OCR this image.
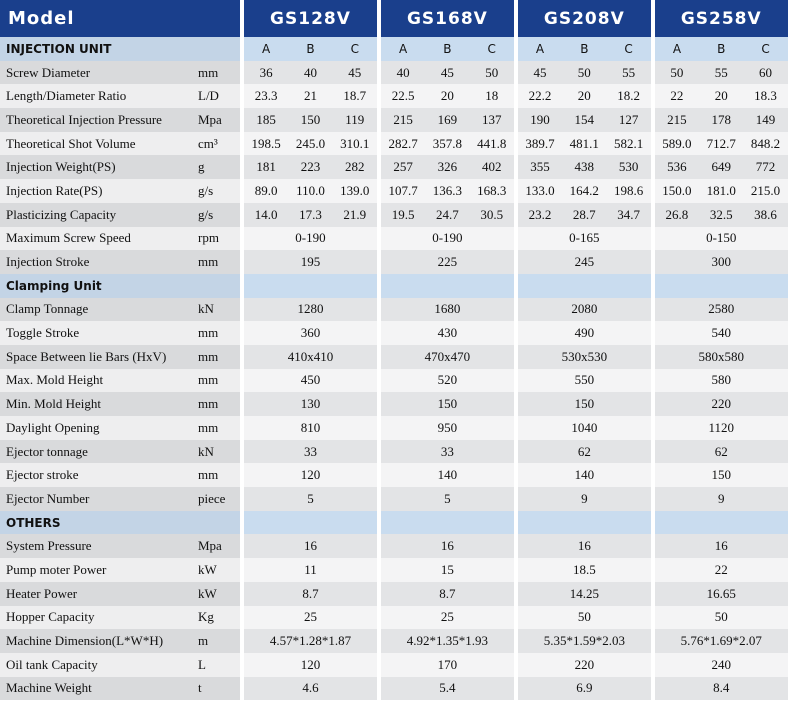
Model			GS128V				GS168V				GS208V				GS258V		
INJECTION UNIT			A	B	C		A	B	C		A	B	C		A	B	C
Screw Diameter	mm		36	40	45		40	45	50		45	50	55		50	55	60
Length/Diameter Ratio	L/D		23.3	21	18.7		22.5	20	18		22.2	20	18.2		22	20	18.3
Theoretical Injection Pressure	Mpa		185	150	119		215	169	137		190	154	127		215	178	149
Theoretical Shot Volume	cm³		198.5	245.0	310.1		282.7	357.8	441.8		389.7	481.1	582.1		589.0	712.7	848.2
Injection Weight(PS)	g		181	223	282		257	326	402		355	438	530		536	649	772
Injection Rate(PS)	g/s		89.0	110.0	139.0		107.7	136.3	168.3		133.0	164.2	198.6		150.0	181.0	215.0
Plasticizing Capacity	g/s		14.0	17.3	21.9		19.5	24.7	30.5		23.2	28.7	34.7		26.8	32.5	38.6
Maximum Screw Speed	rpm		0-190				0-190				0-165				0-150		
Injection Stroke	mm		195				225				245				300		
Clamping Unit																	
Clamp Tonnage	kN		1280				1680				2080				2580		
Toggle Stroke	mm		360				430				490				540		
Space Between lie Bars (HxV)	mm		410x410				470x470				530x530				580x580		
Max. Mold Height	mm		450				520				550				580		
Min. Mold Height	mm		130				150				150				220		
Daylight Opening	mm		810				950				1040				1120		
Ejector tonnage	kN		33				33				62				62		
Ejector stroke	mm		120				140				140				150		
Ejector Number	piece		5				5				9				9		
OTHERS																	
System Pressure	Mpa		16				16				16				16		
Pump moter Power	kW		11				15				18.5				22		
Heater Power	kW		8.7				8.7				14.25				16.65		
Hopper Capacity	Kg		25				25				50				50		
Machine Dimension(L*W*H)	m		4.57*1.28*1.87				4.92*1.35*1.93				5.35*1.59*2.03				5.76*1.69*2.07		
Oil tank Capacity	L		120				170				220				240		
Machine Weight	t		4.6				5.4				6.9				8.4		
